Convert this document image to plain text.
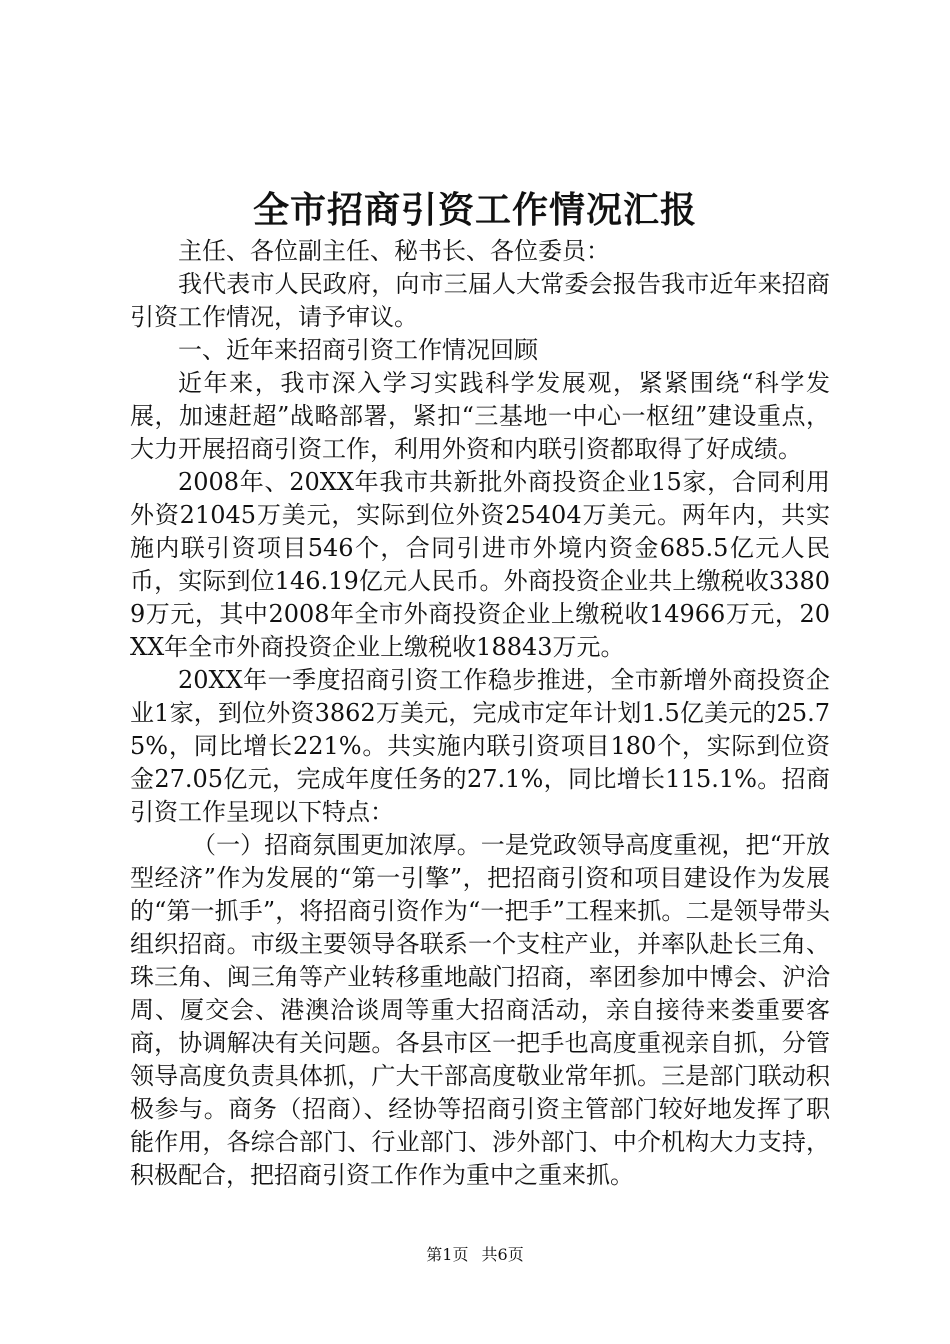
全市招商引资工作情况汇报

主任、各位副主任、秘书长、各位委员：

我代表市人民政府，向市三届人大常委会报告我市近年来招商引资工作情况，请予审议。

一、近年来招商引资工作情况回顾

近年来，我市深入学习实践科学发展观，紧紧围绕“科学发展，加速赶超”战略部署，紧扣“三基地一中心一枢纽”建设重点，大力开展招商引资工作，利用外资和内联引资都取得了好成绩。

2008年、20XX年我市共新批外商投资企业15家，合同利用外资21045万美元，实际到位外资25404万美元。两年内，共实施内联引资项目546个，合同引进市外境内资金685.5亿元人民币，实际到位146.19亿元人民币。外商投资企业共上缴税收33809万元，其中2008年全市外商投资企业上缴税收14966万元，20XX年全市外商投资企业上缴税收18843万元。

20XX年一季度招商引资工作稳步推进，全市新增外商投资企业1家，到位外资3862万美元，完成市定年计划1.5亿美元的25.75%，同比增长221%。共实施内联引资项目180个，实际到位资金27.05亿元，完成年度任务的27.1%，同比增长115.1%。招商引资工作呈现以下特点：

（一）招商氛围更加浓厚。一是党政领导高度重视，把“开放型经济”作为发展的“第一引擎”，把招商引资和项目建设作为发展的“第一抓手”，将招商引资作为“一把手”工程来抓。二是领导带头组织招商。市级主要领导各联系一个支柱产业，并率队赴长三角、珠三角、闽三角等产业转移重地敲门招商，率团参加中博会、沪洽周、厦交会、港澳洽谈周等重大招商活动，亲自接待来娄重要客商，协调解决有关问题。各县市区一把手也高度重视亲自抓，分管领导高度负责具体抓，广大干部高度敬业常年抓。三是部门联动积极参与。商务（招商）、经协等招商引资主管部门较好地发挥了职能作用，各综合部门、行业部门、涉外部门、中介机构大力支持，积极配合，把招商引资工作作为重中之重来抓。

第1页 共6页
